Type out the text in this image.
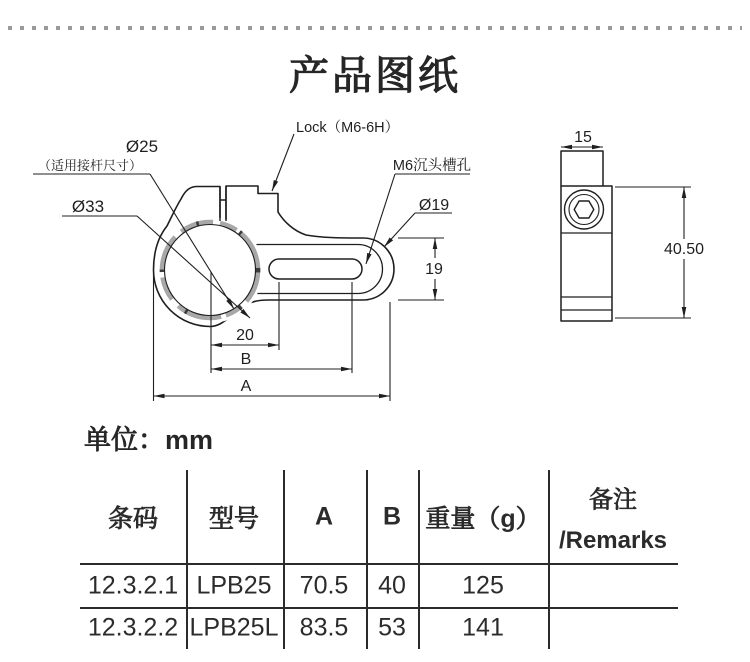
产品图纸
Ø25
（适用接杆尺寸）
Ø33
Lock（M6-6H）
M6沉头槽孔
Ø19
20
B
A
19
15
40.50
单位：mm
条码 型号 A B 重量（g）
备注
/Remarks
12.3.2.1 LPB25 70.5 40 125
12.3.2.2 LPB25L 83.5 53 141
